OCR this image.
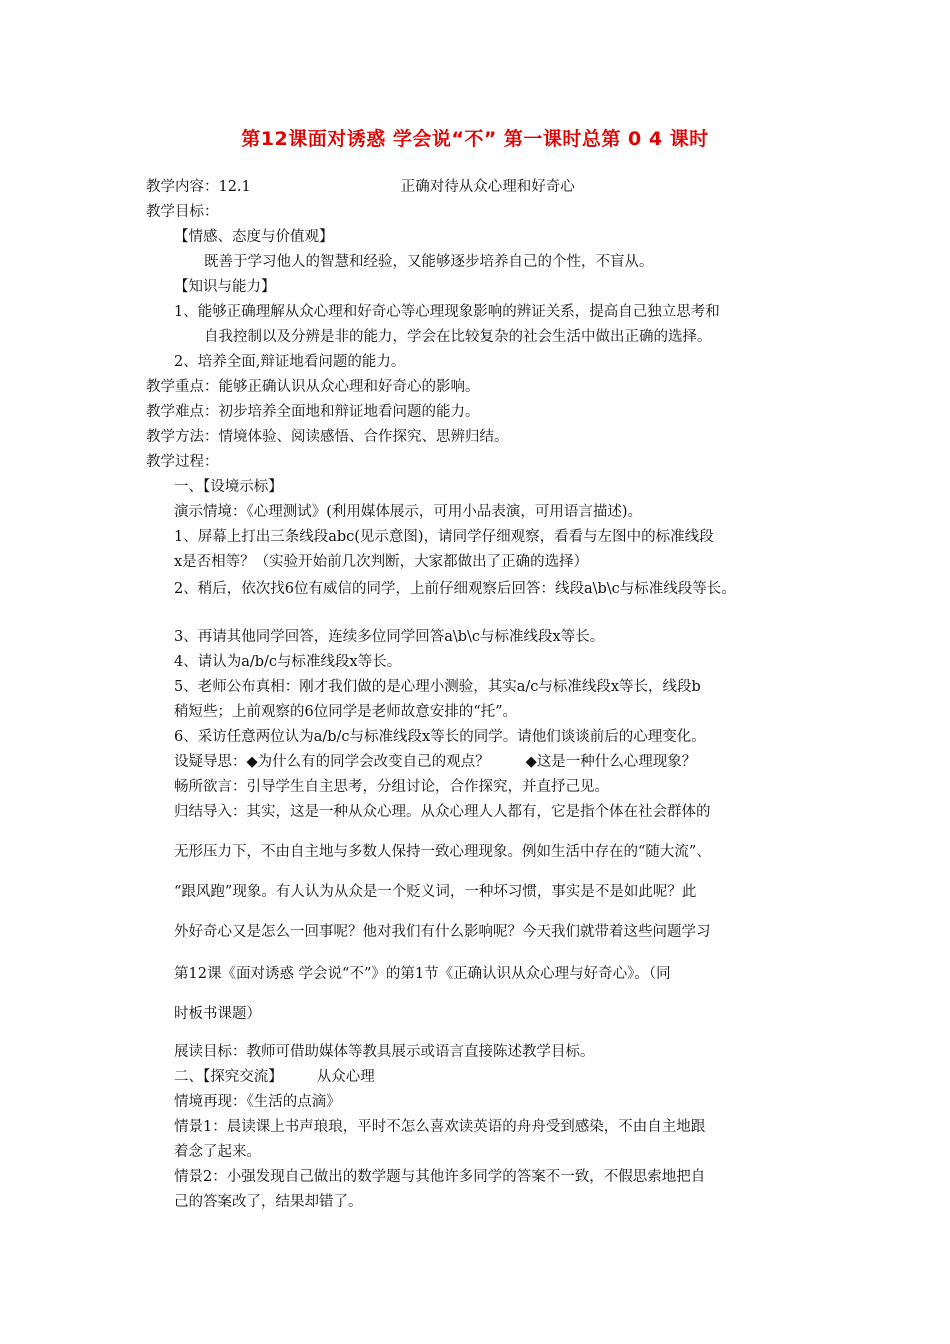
第12课面对诱惑 学会说“不” 第一课时总第 0 4 课时
教学内容：12.1	正确对待从众心理和好奇心
教学目标：
【情感、态度与价值观】
既善于学习他人的智慧和经验，又能够逐步培养自己的个性，不盲从。
【知识与能力】
1、能够正确理解从众心理和好奇心等心理现象影响的辨证关系，提高自己独立思考和
自我控制以及分辨是非的能力，学会在比较复杂的社会生活中做出正确的选择。
2、培养全面,辩证地看问题的能力。
教学重点：能够正确认识从众心理和好奇心的影响。
教学难点：初步培养全面地和辩证地看问题的能力。
教学方法：情境体验、阅读感悟、合作探究、思辨归结。
教学过程：
一、【设境示标】
演示情境：《心理测试》(利用媒体展示，可用小品表演，可用语言描述)。
1、屏幕上打出三条线段abc(见示意图)，请同学仔细观察，看看与左图中的标准线段
x是否相等？（实验开始前几次判断，大家都做出了正确的选择）
2、稍后，依次找6位有威信的同学，上前仔细观察后回答：线段a\b\c与标准线段等长。
3、再请其他同学回答，连续多位同学回答a\b\c与标准线段x等长。
4、请认为a/b/c与标准线段x等长。
5、老师公布真相：刚才我们做的是心理小测验，其实a/c与标准线段x等长，线段b
稍短些；上前观察的6位同学是老师故意安排的“托”。
6、采访任意两位认为a/b/c与标准线段x等长的同学。请他们谈谈前后的心理变化。
设疑导思：◆为什么有的同学会改变自己的观点？ ◆这是一种什么心理现象？
畅所欲言：引导学生自主思考，分组讨论，合作探究，并直抒己见。
归结导入：其实，这是一种从众心理。从众心理人人都有，它是指个体在社会群体的
无形压力下，不由自主地与多数人保持一致心理现象。例如生活中存在的“随大流”、
“跟风跑”现象。有人认为从众是一个贬义词，一种坏习惯，事实是不是如此呢？此
外好奇心又是怎么一回事呢？他对我们有什么影响呢？今天我们就带着这些问题学习
第12课《面对诱惑 学会说“不”》的第1节《正确认识从众心理与好奇心》。（同
时板书课题）
展读目标：教师可借助媒体等教具展示或语言直接陈述教学目标。
二、【探究交流】 从众心理
情境再现：《生活的点滴》
情景1：晨读课上书声琅琅，平时不怎么喜欢读英语的舟舟受到感染，不由自主地跟
着念了起来。
情景2：小强发现自己做出的数学题与其他许多同学的答案不一致，不假思索地把自
己的答案改了，结果却错了。
